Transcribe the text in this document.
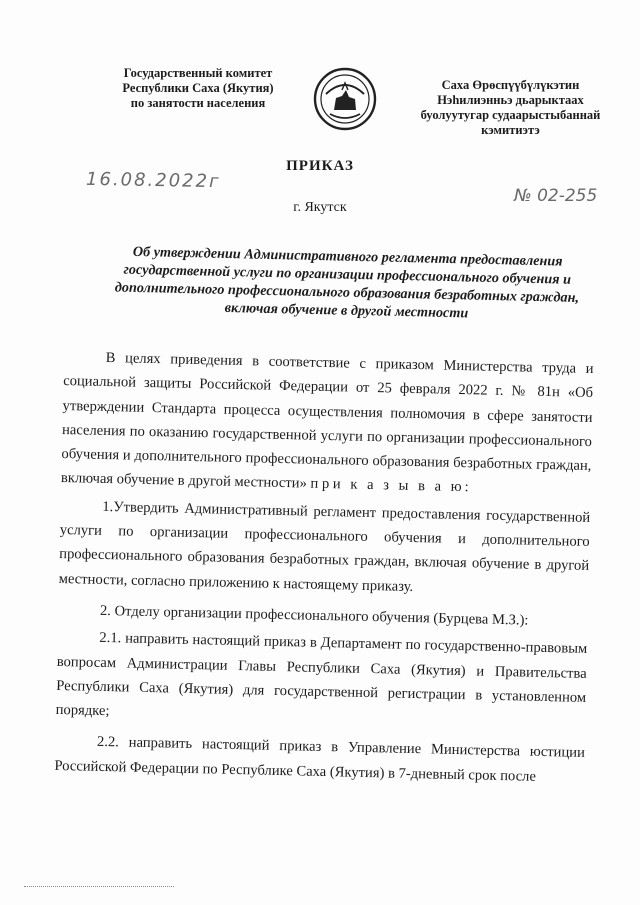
Государственный комитет
Республики Саха (Якутия)
по занятости населения
Саха Өрөспүүбүлүкэтин
Нэһилиэнньэ дьарыктаах
буолуутугар судаарыстыбаннай
кэмитиэтэ
ПРИКАЗ
16.08.2022г
г. Якутск
№ 02-255
Об утверждении Административного регламента предоставления государственной услуги по организации профессионального обучения и дополнительного профессионального образования безработных граждан, включая обучение в другой местности

В целях приведения в соответствие с приказом Министерства труда и социальной защиты Российской Федерации от 25 февраля 2022 г. № 81н «Об утверждении Стандарта процесса осуществления полномочия в сфере занятости населения по оказанию государственной услуги по организации профессионального обучения и дополнительного профессионального образования безработных граждан, включая обучение в другой местности» п р и к а з ы в а ю:

1.Утвердить Административный регламент предоставления государственной услуги по организации профессионального обучения и дополнительного профессионального образования безработных граждан, включая обучение в другой местности, согласно приложению к настоящему приказу.

2. Отделу организации профессионального обучения (Бурцева М.З.):

2.1. направить настоящий приказ в Департамент по государственно-правовым вопросам Администрации Главы Республики Саха (Якутия) и Правительства Республики Саха (Якутия) для государственной регистрации в установленном порядке;

2.2. направить настоящий приказ в Управление Министерства юстиции Российской Федерации по Республике Саха (Якутия) в 7-дневный срок после
